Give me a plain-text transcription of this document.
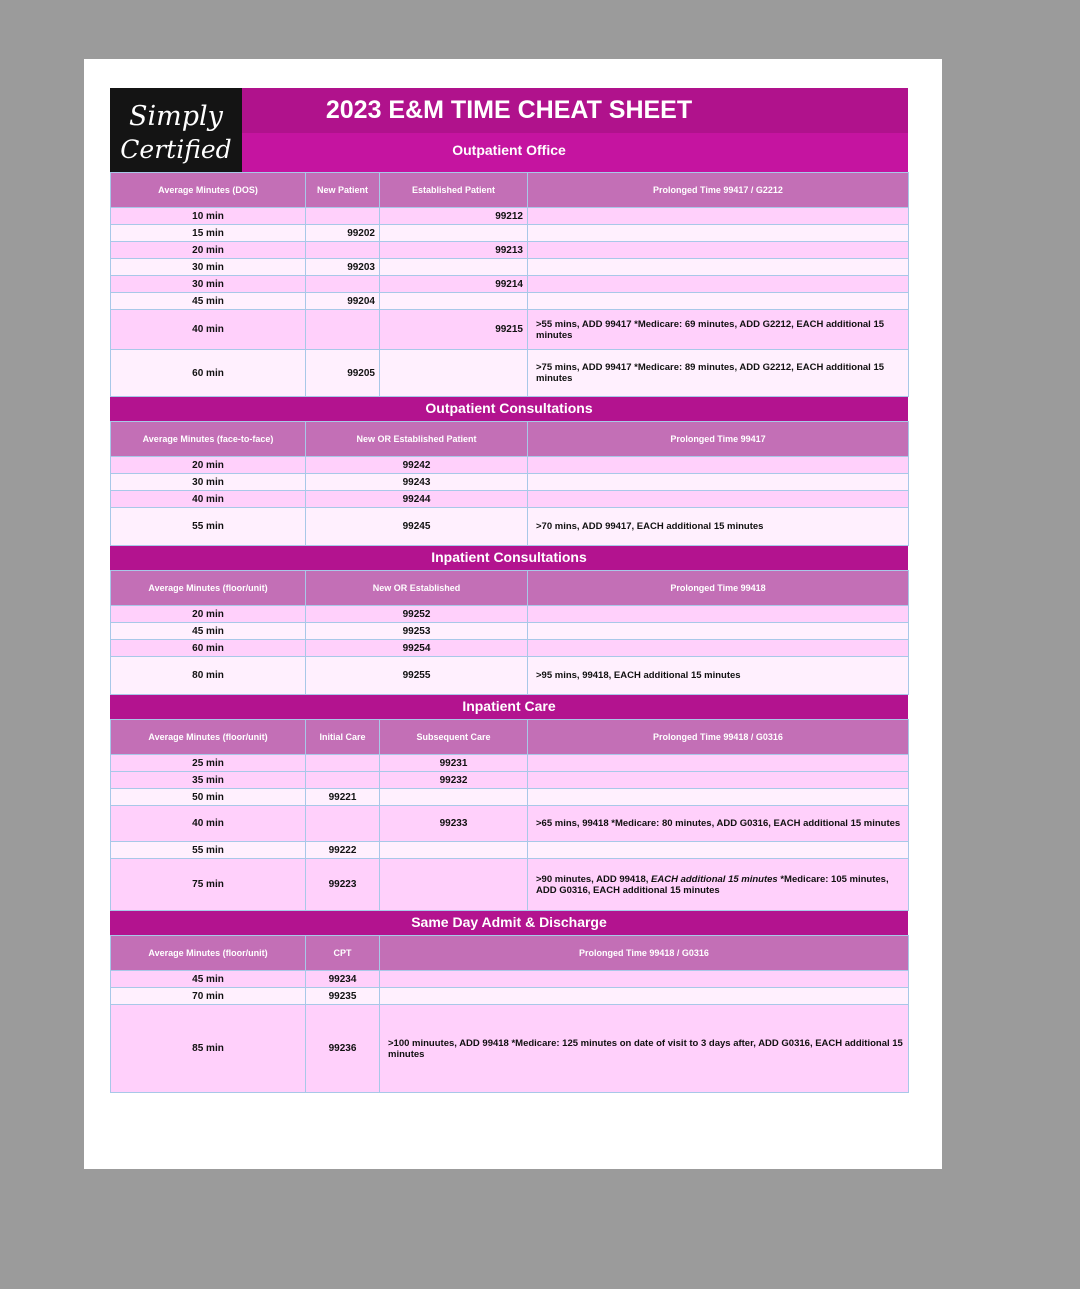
Simply
Certified
2023 E&M TIME CHEAT SHEET
Outpatient Office
Average Minutes (DOS)	New Patient	Established Patient	Prolonged Time 99417 / G2212
10 min		99212	
15 min	99202		
20 min		99213	
30 min	99203		
30 min		99214	
45 min	99204		
40 min		99215	>55 mins, ADD 99417 *Medicare: 69 minutes, ADD G2212, EACH additional 15 minutes
60 min	99205		>75 mins, ADD 99417 *Medicare: 89 minutes, ADD G2212, EACH additional 15 minutes
Outpatient Consultations
Average Minutes (face-to-face)	New OR Established Patient	Prolonged Time 99417
20 min	99242	
30 min	99243	
40 min	99244	
55 min	99245	>70 mins, ADD 99417, EACH additional 15 minutes
Inpatient Consultations
Average Minutes (floor/unit)	New OR Established	Prolonged Time 99418
20 min	99252	
45 min	99253	
60 min	99254	
80 min	99255	>95 mins, 99418, EACH additional 15 minutes
Inpatient Care
Average Minutes (floor/unit)	Initial Care	Subsequent Care	Prolonged Time 99418 / G0316
25 min		99231	
35 min		99232	
50 min	99221		
40 min		99233	>65 mins, 99418 *Medicare: 80 minutes, ADD G0316, EACH additional 15 minutes
55 min	99222		
75 min	99223		>90 minutes, ADD 99418, EACH additional 15 minutes *Medicare: 105 minutes, ADD G0316, EACH additional 15 minutes
Same Day Admit & Discharge
Average Minutes (floor/unit)	CPT	Prolonged Time 99418 / G0316
45 min	99234	
70 min	99235	
85 min	99236	>100 minuutes, ADD 99418 *Medicare: 125 minutes on date of visit to 3 days after, ADD G0316, EACH additional 15 minutes
